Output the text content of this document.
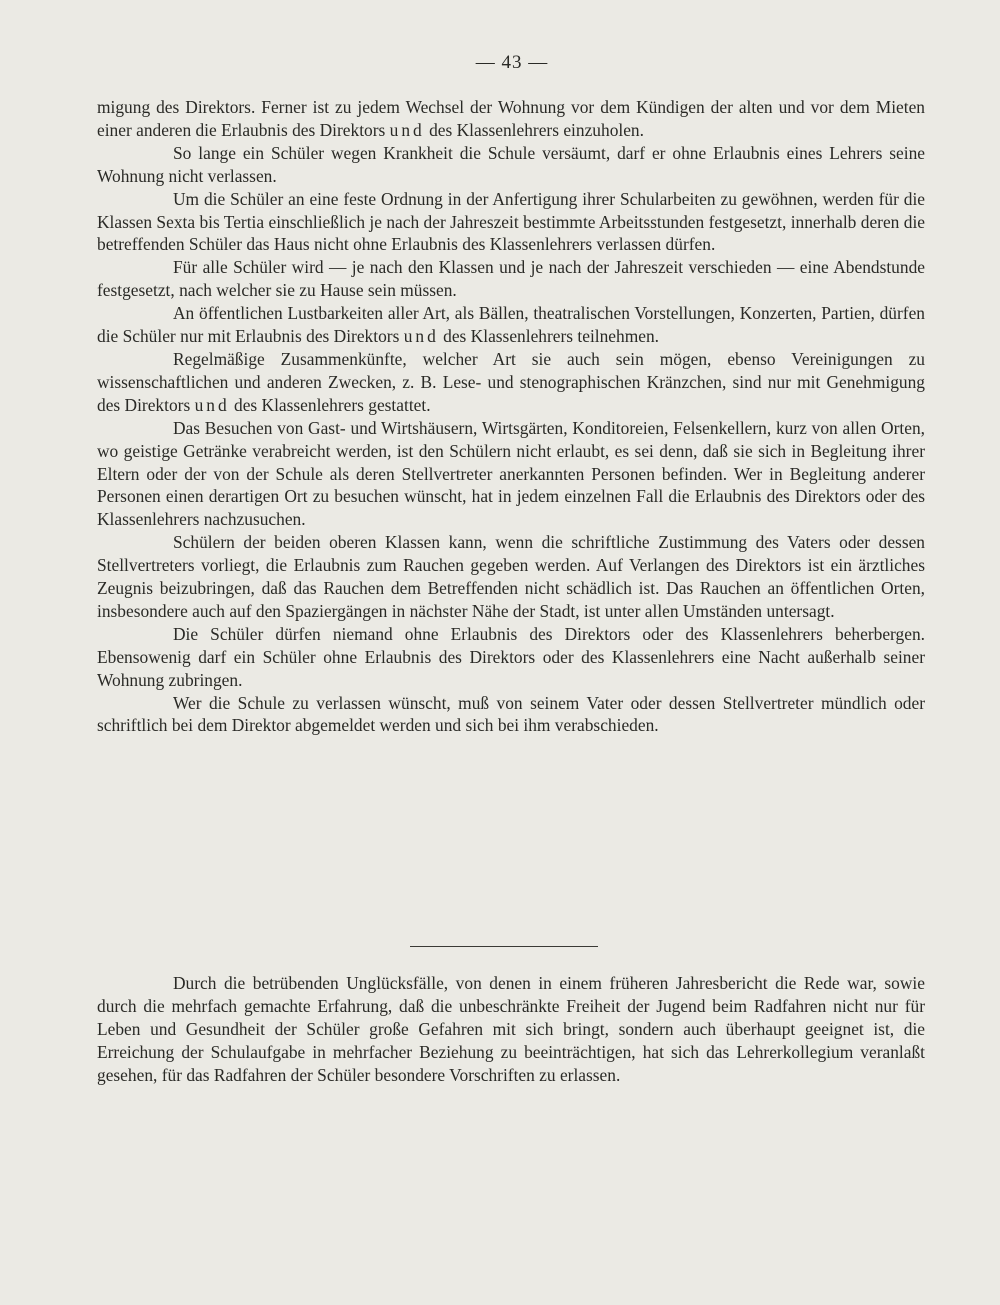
— 43 —

migung des Direktors. Ferner ist zu jedem Wechsel der Wohnung vor dem Kündigen der alten und vor dem Mieten einer anderen die Erlaubnis des Direktors und des Klassenlehrers einzuholen.

So lange ein Schüler wegen Krankheit die Schule versäumt, darf er ohne Erlaubnis eines Lehrers seine Wohnung nicht verlassen.

Um die Schüler an eine feste Ordnung in der Anfertigung ihrer Schularbeiten zu gewöhnen, werden für die Klassen Sexta bis Tertia einschließlich je nach der Jahreszeit bestimmte Arbeitsstunden festgesetzt, innerhalb deren die betreffenden Schüler das Haus nicht ohne Erlaubnis des Klassenlehrers verlassen dürfen.

Für alle Schüler wird — je nach den Klassen und je nach der Jahreszeit verschieden — eine Abendstunde festgesetzt, nach welcher sie zu Hause sein müssen.

An öffentlichen Lustbarkeiten aller Art, als Bällen, theatralischen Vorstellungen, Konzerten, Partien, dürfen die Schüler nur mit Erlaubnis des Direktors und des Klassenlehrers teilnehmen.

Regelmäßige Zusammenkünfte, welcher Art sie auch sein mögen, ebenso Vereinigungen zu wissenschaftlichen und anderen Zwecken, z. B. Lese- und stenographischen Kränzchen, sind nur mit Genehmigung des Direktors und des Klassenlehrers gestattet.

Das Besuchen von Gast- und Wirtshäusern, Wirtsgärten, Konditoreien, Felsenkellern, kurz von allen Orten, wo geistige Getränke verabreicht werden, ist den Schülern nicht erlaubt, es sei denn, daß sie sich in Begleitung ihrer Eltern oder der von der Schule als deren Stellvertreter anerkannten Personen befinden. Wer in Begleitung anderer Personen einen derartigen Ort zu besuchen wünscht, hat in jedem einzelnen Fall die Erlaubnis des Direktors oder des Klassenlehrers nachzusuchen.

Schülern der beiden oberen Klassen kann, wenn die schriftliche Zustimmung des Vaters oder dessen Stellvertreters vorliegt, die Erlaubnis zum Rauchen gegeben werden. Auf Verlangen des Direktors ist ein ärztliches Zeugnis beizubringen, daß das Rauchen dem Betreffenden nicht schädlich ist. Das Rauchen an öffentlichen Orten, insbesondere auch auf den Spaziergängen in nächster Nähe der Stadt, ist unter allen Umständen untersagt.

Die Schüler dürfen niemand ohne Erlaubnis des Direktors oder des Klassenlehrers beherbergen. Ebensowenig darf ein Schüler ohne Erlaubnis des Direktors oder des Klassenlehrers eine Nacht außerhalb seiner Wohnung zubringen.

Wer die Schule zu verlassen wünscht, muß von seinem Vater oder dessen Stellvertreter mündlich oder schriftlich bei dem Direktor abgemeldet werden und sich bei ihm verabschieden.

Durch die betrübenden Unglücksfälle, von denen in einem früheren Jahresbericht die Rede war, sowie durch die mehrfach gemachte Erfahrung, daß die unbeschränkte Freiheit der Jugend beim Radfahren nicht nur für Leben und Gesundheit der Schüler große Gefahren mit sich bringt, sondern auch überhaupt geeignet ist, die Erreichung der Schulaufgabe in mehrfacher Beziehung zu beeinträchtigen, hat sich das Lehrerkollegium veranlaßt gesehen, für das Radfahren der Schüler besondere Vorschriften zu erlassen.
